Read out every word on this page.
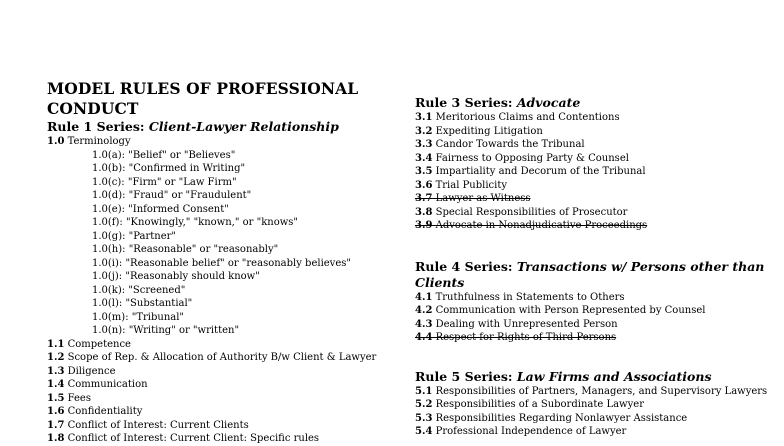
MODEL RULES OF PROFESSIONAL
CONDUCT
Rule 1 Series: Client-Lawyer Relationship
1.0 Terminology
1.0(a): "Belief" or "Believes"
1.0(b): "Confirmed in Writing"
1.0(c): "Firm" or "Law Firm"
1.0(d): "Fraud" or "Fraudulent"
1.0(e): "Informed Consent"
1.0(f): "Knowingly," "known," or "knows"
1.0(g): "Partner"
1.0(h): "Reasonable" or "reasonably"
1.0(i): "Reasonable belief" or "reasonably believes"
1.0(j): "Reasonably should know"
1.0(k): "Screened"
1.0(l): "Substantial"
1.0(m): "Tribunal"
1.0(n): "Writing" or "written"
1.1 Competence
1.2 Scope of Rep. & Allocation of Authority B/w Client & Lawyer
1.3 Diligence
1.4 Communication
1.5 Fees
1.6 Confidentiality
1.7 Conflict of Interest: Current Clients
1.8 Conflict of Interest: Current Client: Specific rules
Rule 3 Series: Advocate
3.1 Meritorious Claims and Contentions
3.2 Expediting Litigation
3.3 Candor Towards the Tribunal
3.4 Fairness to Opposing Party & Counsel
3.5 Impartiality and Decorum of the Tribunal
3.6 Trial Publicity
3.7 Lawyer as Witness
3.8 Special Responsibilities of Prosecutor
3.9 Advocate in Nonadjudicative Proceedings
Rule 4 Series: Transactions w/ Persons other than Clients
4.1 Truthfulness in Statements to Others
4.2 Communication with Person Represented by Counsel
4.3 Dealing with Unrepresented Person
4.4 Respect for Rights of Third Persons
Rule 5 Series: Law Firms and Associations
5.1 Responsibilities of Partners, Managers, and Supervisory Lawyers
5.2 Responsibilities of a Subordinate Lawyer
5.3 Responsibilities Regarding Nonlawyer Assistance
5.4 Professional Independence of Lawyer
